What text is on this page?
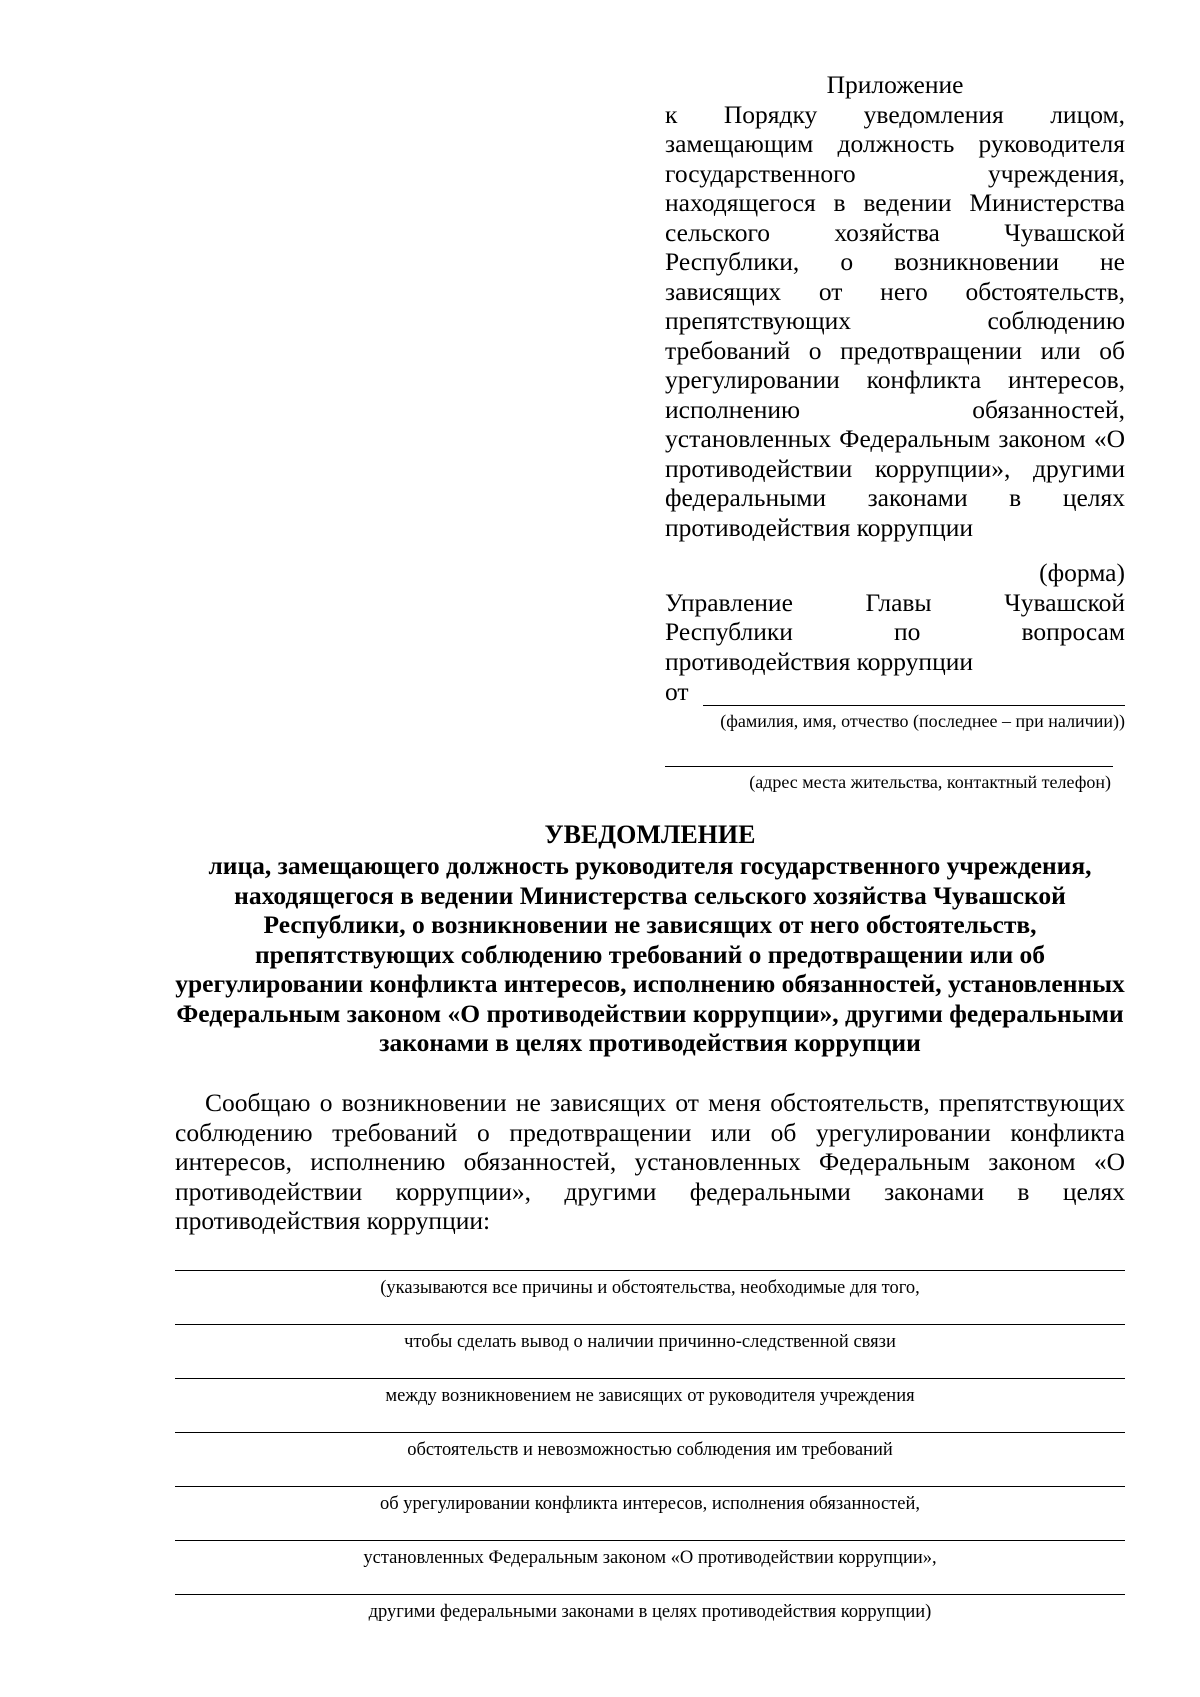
Приложение

к Порядку уведомления лицом, замещающим должность руководителя государственного учреждения, находящегося в ведении Министерства сельского хозяйства Чувашской Республики, о возникновении не зависящих от него обстоятельств, препятствующих соблюдению требований о предотвращении или об урегулировании конфликта интересов, исполнению обязанностей, установленных Федеральным законом «О противодействии коррупции», другими федеральными законами в целях противодействия коррупции

(форма)

Управление Главы Чувашской Республики по вопросам противодействия коррупции

от
(фамилия, имя, отчество (последнее – при наличии))
(адрес места жительства, контактный телефон)

УВЕДОМЛЕНИЕ

лица, замещающего должность руководителя государственного учреждения, находящегося в ведении Министерства сельского хозяйства Чувашской Республики, о возникновении не зависящих от него обстоятельств, препятствующих соблюдению требований о предотвращении или об урегулировании конфликта интересов, исполнению обязанностей, установленных Федеральным законом «О противодействии коррупции», другими федеральными законами в целях противодействия коррупции

Сообщаю о возникновении не зависящих от меня обстоятельств, препятствующих соблюдению требований о предотвращении или об урегулировании конфликта интересов, исполнению обязанностей, установленных Федеральным законом «О противодействии коррупции», другими федеральными законами в целях противодействия коррупции:

(указываются все причины и обстоятельства, необходимые для того,
чтобы сделать вывод о наличии причинно-следственной связи
между возникновением не зависящих от руководителя учреждения
обстоятельств и невозможностью соблюдения им требований
об урегулировании конфликта интересов, исполнения обязанностей,
установленных Федеральным законом «О противодействии коррупции»,
другими федеральными законами в целях противодействия коррупции)
